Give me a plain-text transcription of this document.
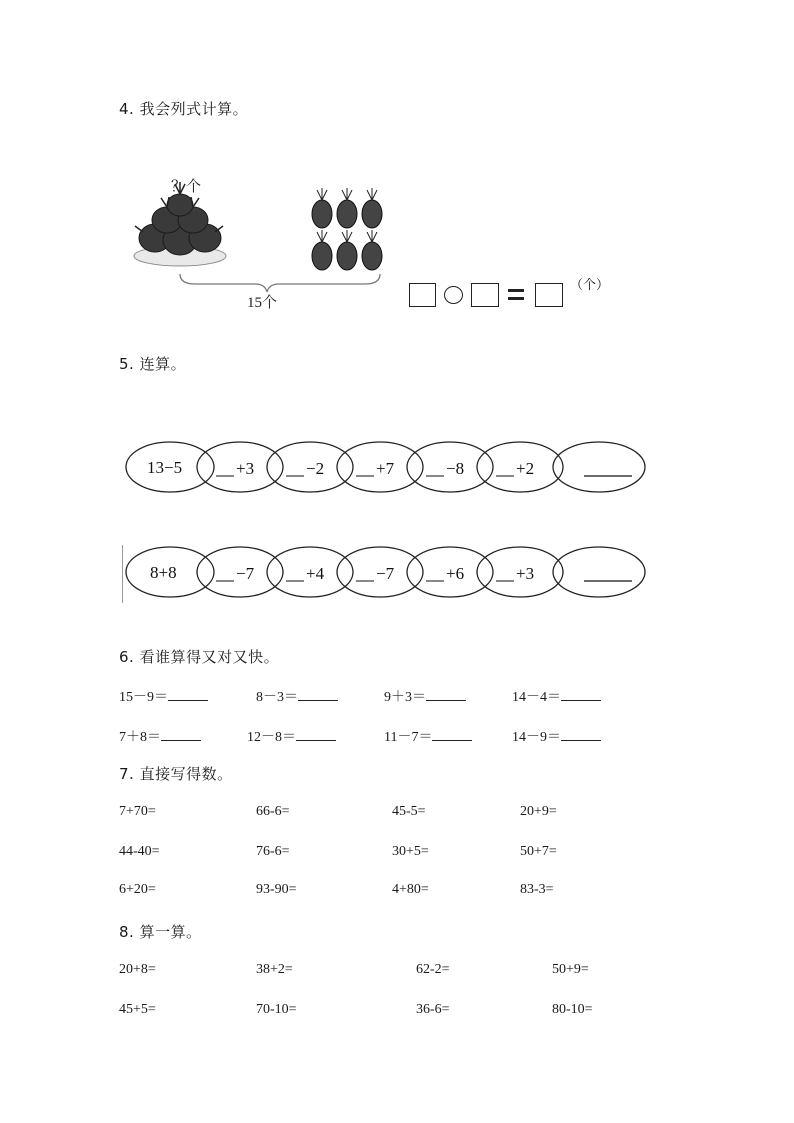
4. 我会列式计算。
？个
15个
（个）
5. 连算。
13−5	+3	−2	+7	−8	+2
8+8	−7	+4	−7	+6	+3
6. 看谁算得又对又快。
15－9＝	8－3＝	9＋3＝	14－4＝
7＋8＝	12－8＝	11－7＝	14－9＝
7. 直接写得数。
7+70=	66-6=	45-5=	20+9=
44-40=	76-6=	30+5=	50+7=
6+20=	93-90=	4+80=	83-3=
8. 算一算。
20+8=	38+2=	62-2=	50+9=
45+5=	70-10=	36-6=	80-10=
